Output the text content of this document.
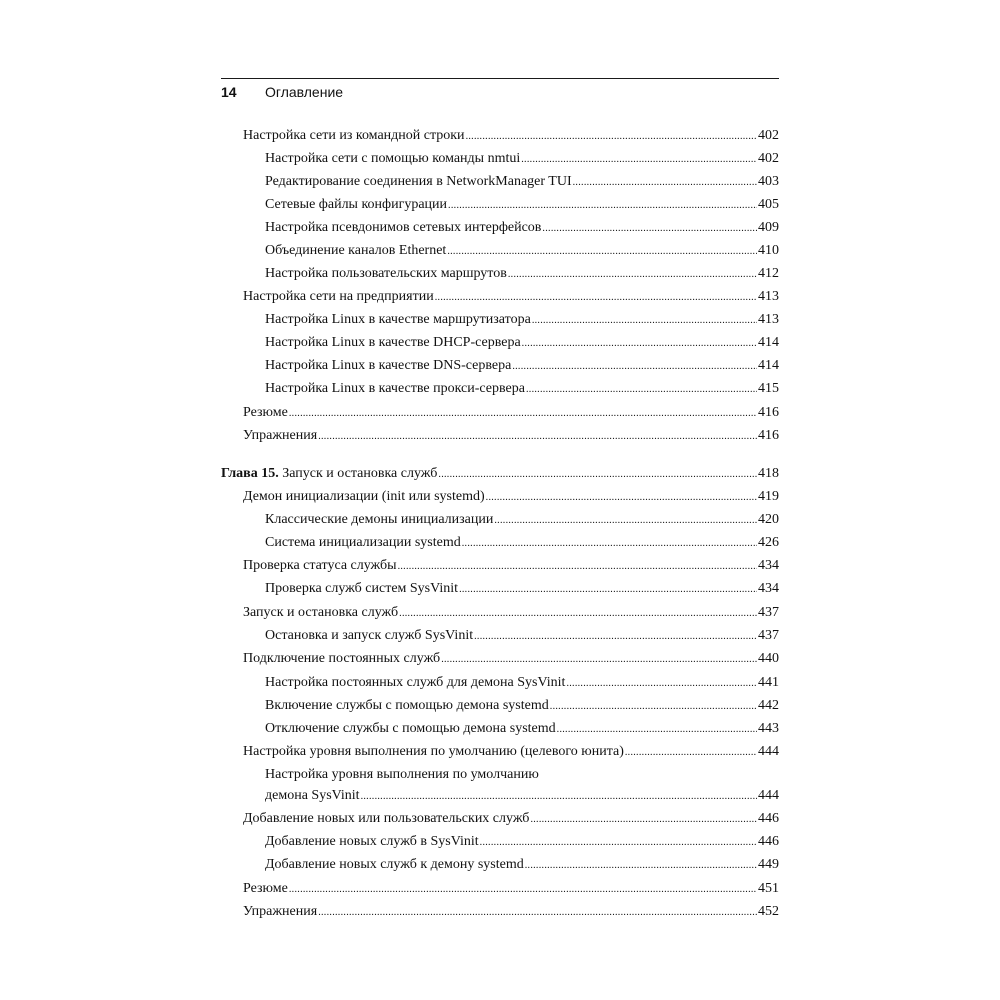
14 Оглавление
Настройка сети из командной строки .....	402
Настройка сети с помощью команды nmtui .....	402
Редактирование соединения в NetworkManager TUI .....	403
Сетевые файлы конфигурации .....	405
Настройка псевдонимов сетевых интерфейсов .....	409
Объединение каналов Ethernet .....	410
Настройка пользовательских маршрутов .....	412
Настройка сети на предприятии .....	413
Настройка Linux в качестве маршрутизатора .....	413
Настройка Linux в качестве DHCP-сервера .....	414
Настройка Linux в качестве DNS-сервера .....	414
Настройка Linux в качестве прокси-сервера .....	415
Резюме .....	416
Упражнения .....	416
Глава 15. Запуск и остановка служб .....	418
Демон инициализации (init или systemd) .....	419
Классические демоны инициализации .....	420
Система инициализации systemd .....	426
Проверка статуса службы .....	434
Проверка служб систем SysVinit .....	434
Запуск и остановка служб .....	437
Остановка и запуск служб SysVinit .....	437
Подключение постоянных служб .....	440
Настройка постоянных служб для демона SysVinit .....	441
Включение службы с помощью демона systemd .....	442
Отключение службы с помощью демона systemd .....	443
Настройка уровня выполнения по умолчанию (целевого юнита) .....	444
Настройка уровня выполнения по умолчанию
демона SysVinit .....	444
Добавление новых или пользовательских служб .....	446
Добавление новых служб в SysVinit .....	446
Добавление новых служб к демону systemd .....	449
Резюме .....	451
Упражнения .....	452
